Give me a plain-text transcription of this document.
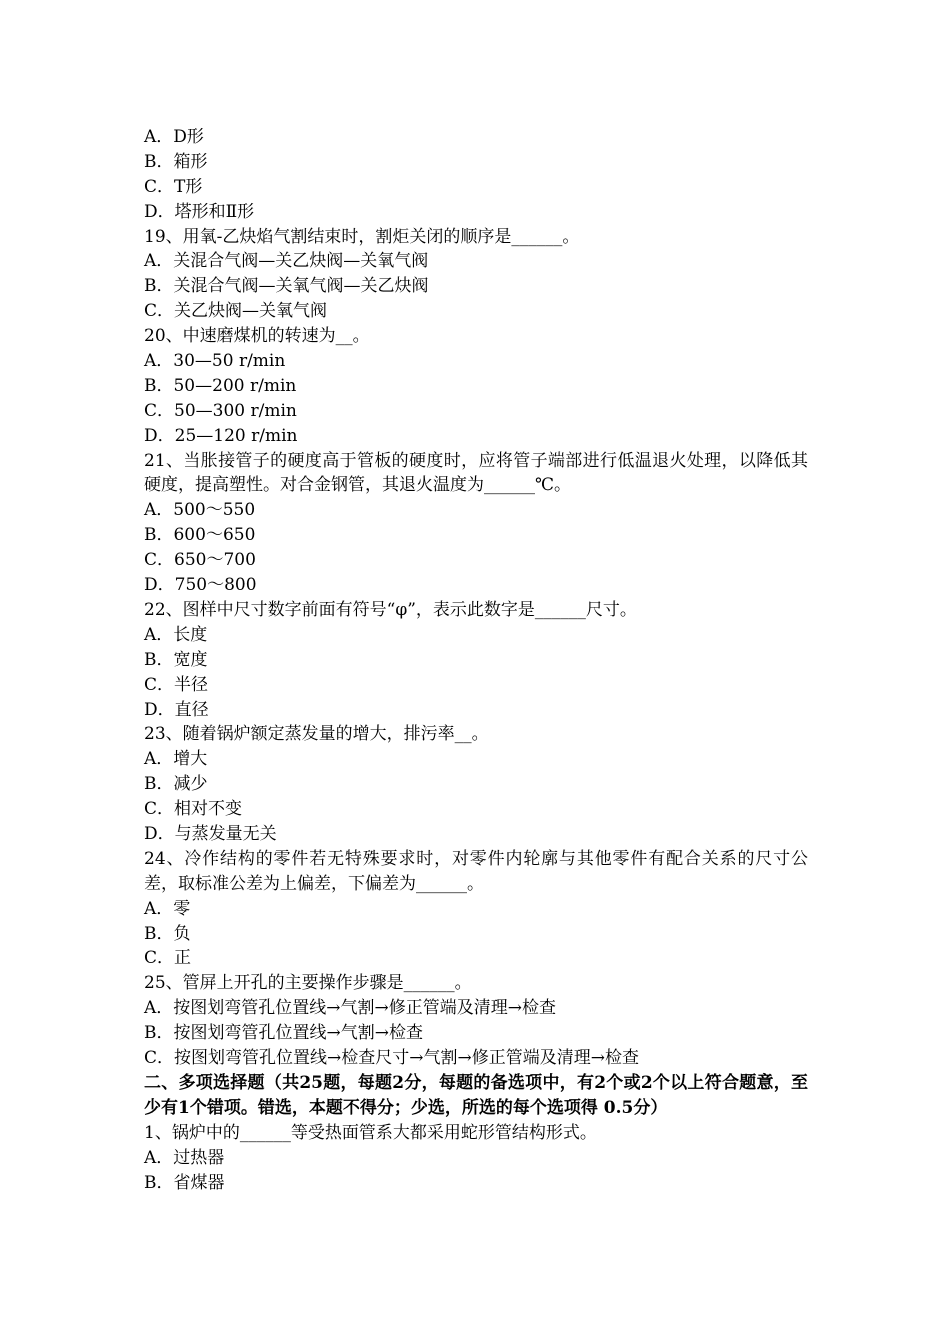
A．D形
B．箱形
C．T形
D．塔形和Ⅱ形
19、用氧-乙炔焰气割结束时，割炬关闭的顺序是______。
A．关混合气阀—关乙炔阀—关氧气阀
B．关混合气阀—关氧气阀—关乙炔阀
C．关乙炔阀—关氧气阀
20、中速磨煤机的转速为__。
A．30—50 r/min
B．50—200 r/min
C．50—300 r/min
D．25—120 r/min
21、当胀接管子的硬度高于管板的硬度时，应将管子端部进行低温退火处理，以降低其硬度，提高塑性。对合金钢管，其退火温度为______℃。
A．500～550
B．600～650
C．650～700
D．750～800
22、图样中尺寸数字前面有符号“φ”，表示此数字是______尺寸。
A．长度
B．宽度
C．半径
D．直径
23、随着锅炉额定蒸发量的增大，排污率__。
A．增大
B．减少
C．相对不变
D．与蒸发量无关
24、冷作结构的零件若无特殊要求时，对零件内轮廓与其他零件有配合关系的尺寸公差，取标准公差为上偏差，下偏差为______。
A．零
B．负
C．正
25、管屏上开孔的主要操作步骤是______。
A．按图划弯管孔位置线→气割→修正管端及清理→检查
B．按图划弯管孔位置线→气割→检查
C．按图划弯管孔位置线→检查尺寸→气割→修正管端及清理→检查
二、多项选择题（共25题，每题2分，每题的备选项中，有2个或2个以上符合题意，至少有1个错项。错选，本题不得分；少选，所选的每个选项得 0.5分）
1、锅炉中的______等受热面管系大都采用蛇形管结构形式。
A．过热器
B．省煤器
